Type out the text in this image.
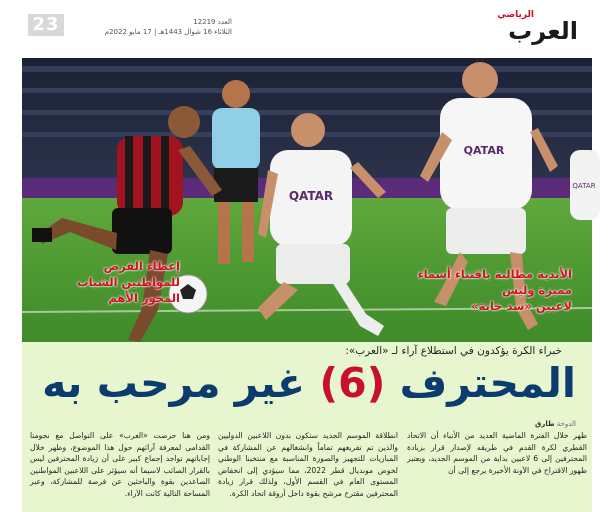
23	العدد 12219
الثلاثاء 16 شوال 1443هـ | 17 مايو 2022م
الرياضي
العرب
QATAR
QATAR
QATAR
إعطاء الفرص للمواطنين الشباب المحور الأهم
الأندية مطالبة باقتناء أسماء مميزة وليس
لاعبين «سد خانة»
خبراء الكرة يؤكدون في استطلاع آراء لـ «العرب»:
المحترف (6) غير مرحب به
الدوحة طارق
ظهر خلال الفترة الماضية العديد من الأنباء أن الاتحاد القطري لكرة القدم في طريقه لإصدار قرار بزيادة المحترفين إلى 6 لاعبين بداية من الموسم الجديد، ويعتبر ظهور الاقتراح في الآونة الأخيرة يرجع إلى أن
انطلاقة الموسم الجديد ستكون بدون اللاعبين الدوليين والذين تم تفريغهم تماماً وانشغالهم عن المشاركة في المباريات للتجهيز والصورة المناسبة مع منتخبنا الوطني لخوض مونديال قطر 2022، مما سيؤدي إلى انخفاض المستوى العام في القسم الأول، ولذلك قرار زيادة المحترفين مقترح مرشح بقوة داخل أروقة اتحاد الكرة.
ومن هنا حرصت «العرب» على التواصل مع نجومنا القدامى لمعرفة آرائهم حول هذا الموضوع، وظهر خلال إجاباتهم تواجد إجماع كبير على أن زيادة المحترفين ليس بالقرار الصائب لاسيما أنه سيؤثر على اللاعبين المواطنين الصاعدين بقوة والباحثين عن فرصة للمشاركة، وعبر المساحة التالية كانت الآراء.
